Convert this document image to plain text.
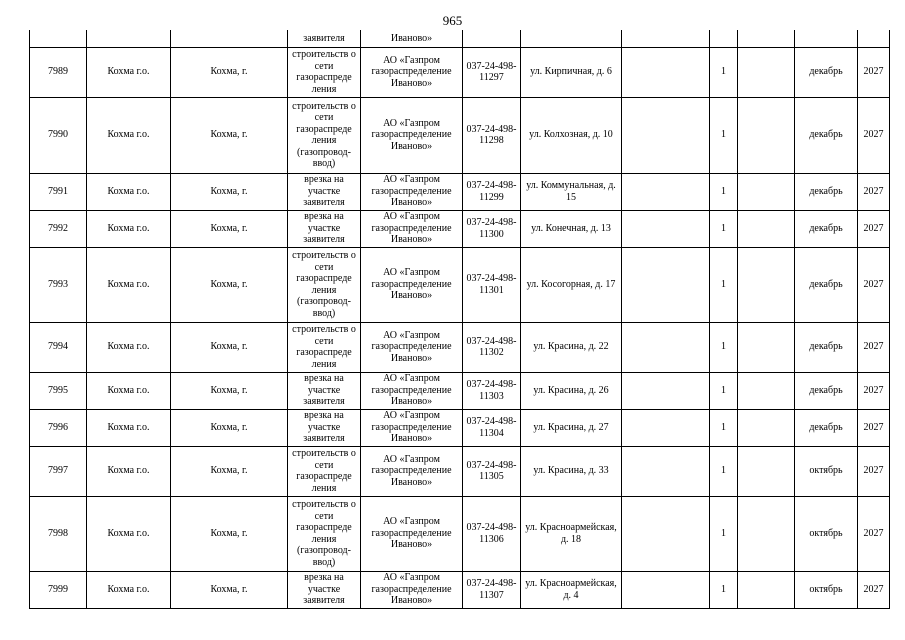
965
			заявителя	Иваново»							
7989	Кохма г.о.	Кохма, г.	строительств о сети газораспреде ления	АО «Газпром газораспределение Иваново»	037-24-498-11297	ул. Кирпичная, д. 6		1		декабрь	2027
7990	Кохма г.о.	Кохма, г.	строительств о сети газораспреде ления (газопровод-ввод)	АО «Газпром газораспределение Иваново»	037-24-498-11298	ул. Колхозная, д. 10		1		декабрь	2027
7991	Кохма г.о.	Кохма, г.	врезка на участке заявителя	АО «Газпром газораспределение Иваново»	037-24-498-11299	ул. Коммунальная, д. 15		1		декабрь	2027
7992	Кохма г.о.	Кохма, г.	врезка на участке заявителя	АО «Газпром газораспределение Иваново»	037-24-498-11300	ул. Конечная, д. 13		1		декабрь	2027
7993	Кохма г.о.	Кохма, г.	строительств о сети газораспреде ления (газопровод-ввод)	АО «Газпром газораспределение Иваново»	037-24-498-11301	ул. Косогорная, д. 17		1		декабрь	2027
7994	Кохма г.о.	Кохма, г.	строительств о сети газораспреде ления	АО «Газпром газораспределение Иваново»	037-24-498-11302	ул. Красина, д. 22		1		декабрь	2027
7995	Кохма г.о.	Кохма, г.	врезка на участке заявителя	АО «Газпром газораспределение Иваново»	037-24-498-11303	ул. Красина, д. 26		1		декабрь	2027
7996	Кохма г.о.	Кохма, г.	врезка на участке заявителя	АО «Газпром газораспределение Иваново»	037-24-498-11304	ул. Красина, д. 27		1		декабрь	2027
7997	Кохма г.о.	Кохма, г.	строительств о сети газораспреде ления	АО «Газпром газораспределение Иваново»	037-24-498-11305	ул. Красина, д. 33		1		октябрь	2027
7998	Кохма г.о.	Кохма, г.	строительств о сети газораспреде ления (газопровод-ввод)	АО «Газпром газораспределение Иваново»	037-24-498-11306	ул. Красноармейская, д. 18		1		октябрь	2027
7999	Кохма г.о.	Кохма, г.	врезка на участке заявителя	АО «Газпром газораспределение Иваново»	037-24-498-11307	ул. Красноармейская, д. 4		1		октябрь	2027
